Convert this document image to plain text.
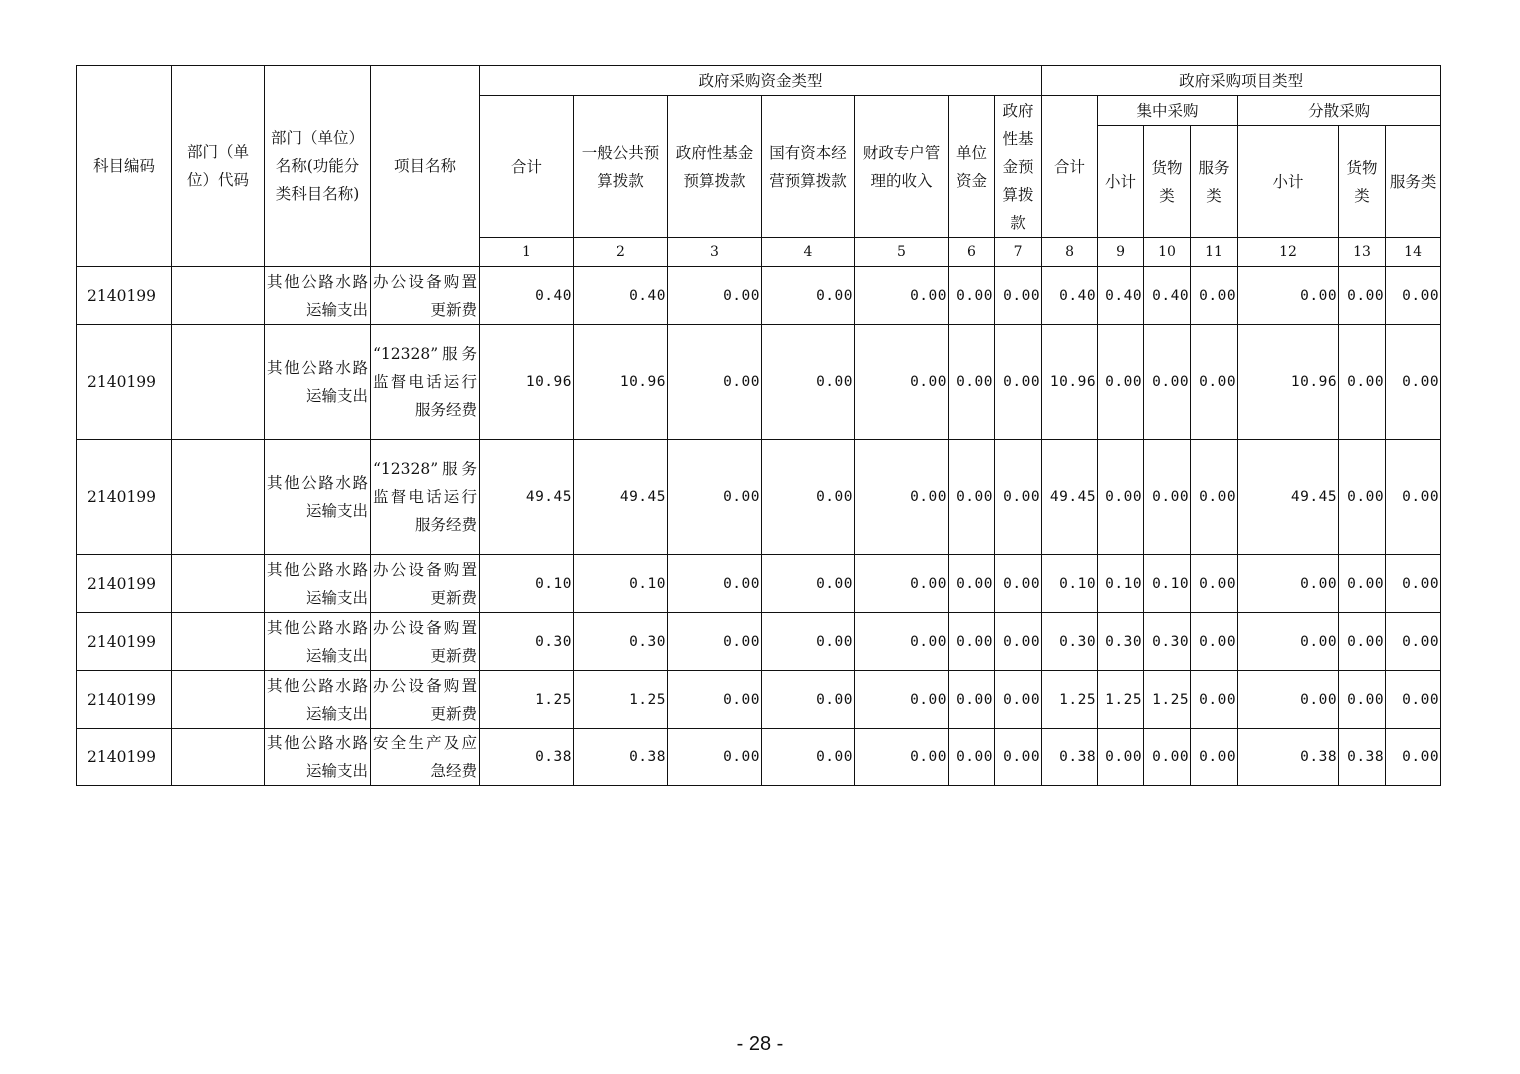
科目编码	部门（单位）代码	部门（单位）名称(功能分类科目名称)	项目名称	政府采购资金类型							政府采购项目类型							
				合计	一般公共预算拨款	政府性基金预算拨款	国有资本经营预算拨款	财政专户管理的收入	单位资金	政府性基金预算拨款	合计	集中采购			分散采购			
												小计	货物类	服务类	小计	货物类	服务类	
				1	2	3	4	5	6	7	8	9	10	11	12	13	14	
2140199		其他公路水路运输支出	办公设备购置更新费	0.40	0.40	0.00	0.00	0.00	0.00	0.00	0.40	0.40	0.40	0.00	0.00	0.00	0.00	
2140199		其他公路水路运输支出	“12328”服务监督电话运行服务经费	10.96	10.96	0.00	0.00	0.00	0.00	0.00	10.96	0.00	0.00	0.00	10.96	0.00	0.00	
2140199		其他公路水路运输支出	“12328”服务监督电话运行服务经费	49.45	49.45	0.00	0.00	0.00	0.00	0.00	49.45	0.00	0.00	0.00	49.45	0.00	0.00	
2140199		其他公路水路运输支出	办公设备购置更新费	0.10	0.10	0.00	0.00	0.00	0.00	0.00	0.10	0.10	0.10	0.00	0.00	0.00	0.00	
2140199		其他公路水路运输支出	办公设备购置更新费	0.30	0.30	0.00	0.00	0.00	0.00	0.00	0.30	0.30	0.30	0.00	0.00	0.00	0.00	
2140199		其他公路水路运输支出	办公设备购置更新费	1.25	1.25	0.00	0.00	0.00	0.00	0.00	1.25	1.25	1.25	0.00	0.00	0.00	0.00	
2140199		其他公路水路运输支出	安全生产及应急经费	0.38	0.38	0.00	0.00	0.00	0.00	0.00	0.38	0.00	0.00	0.00	0.38	0.38	0.00	
- 28 -
